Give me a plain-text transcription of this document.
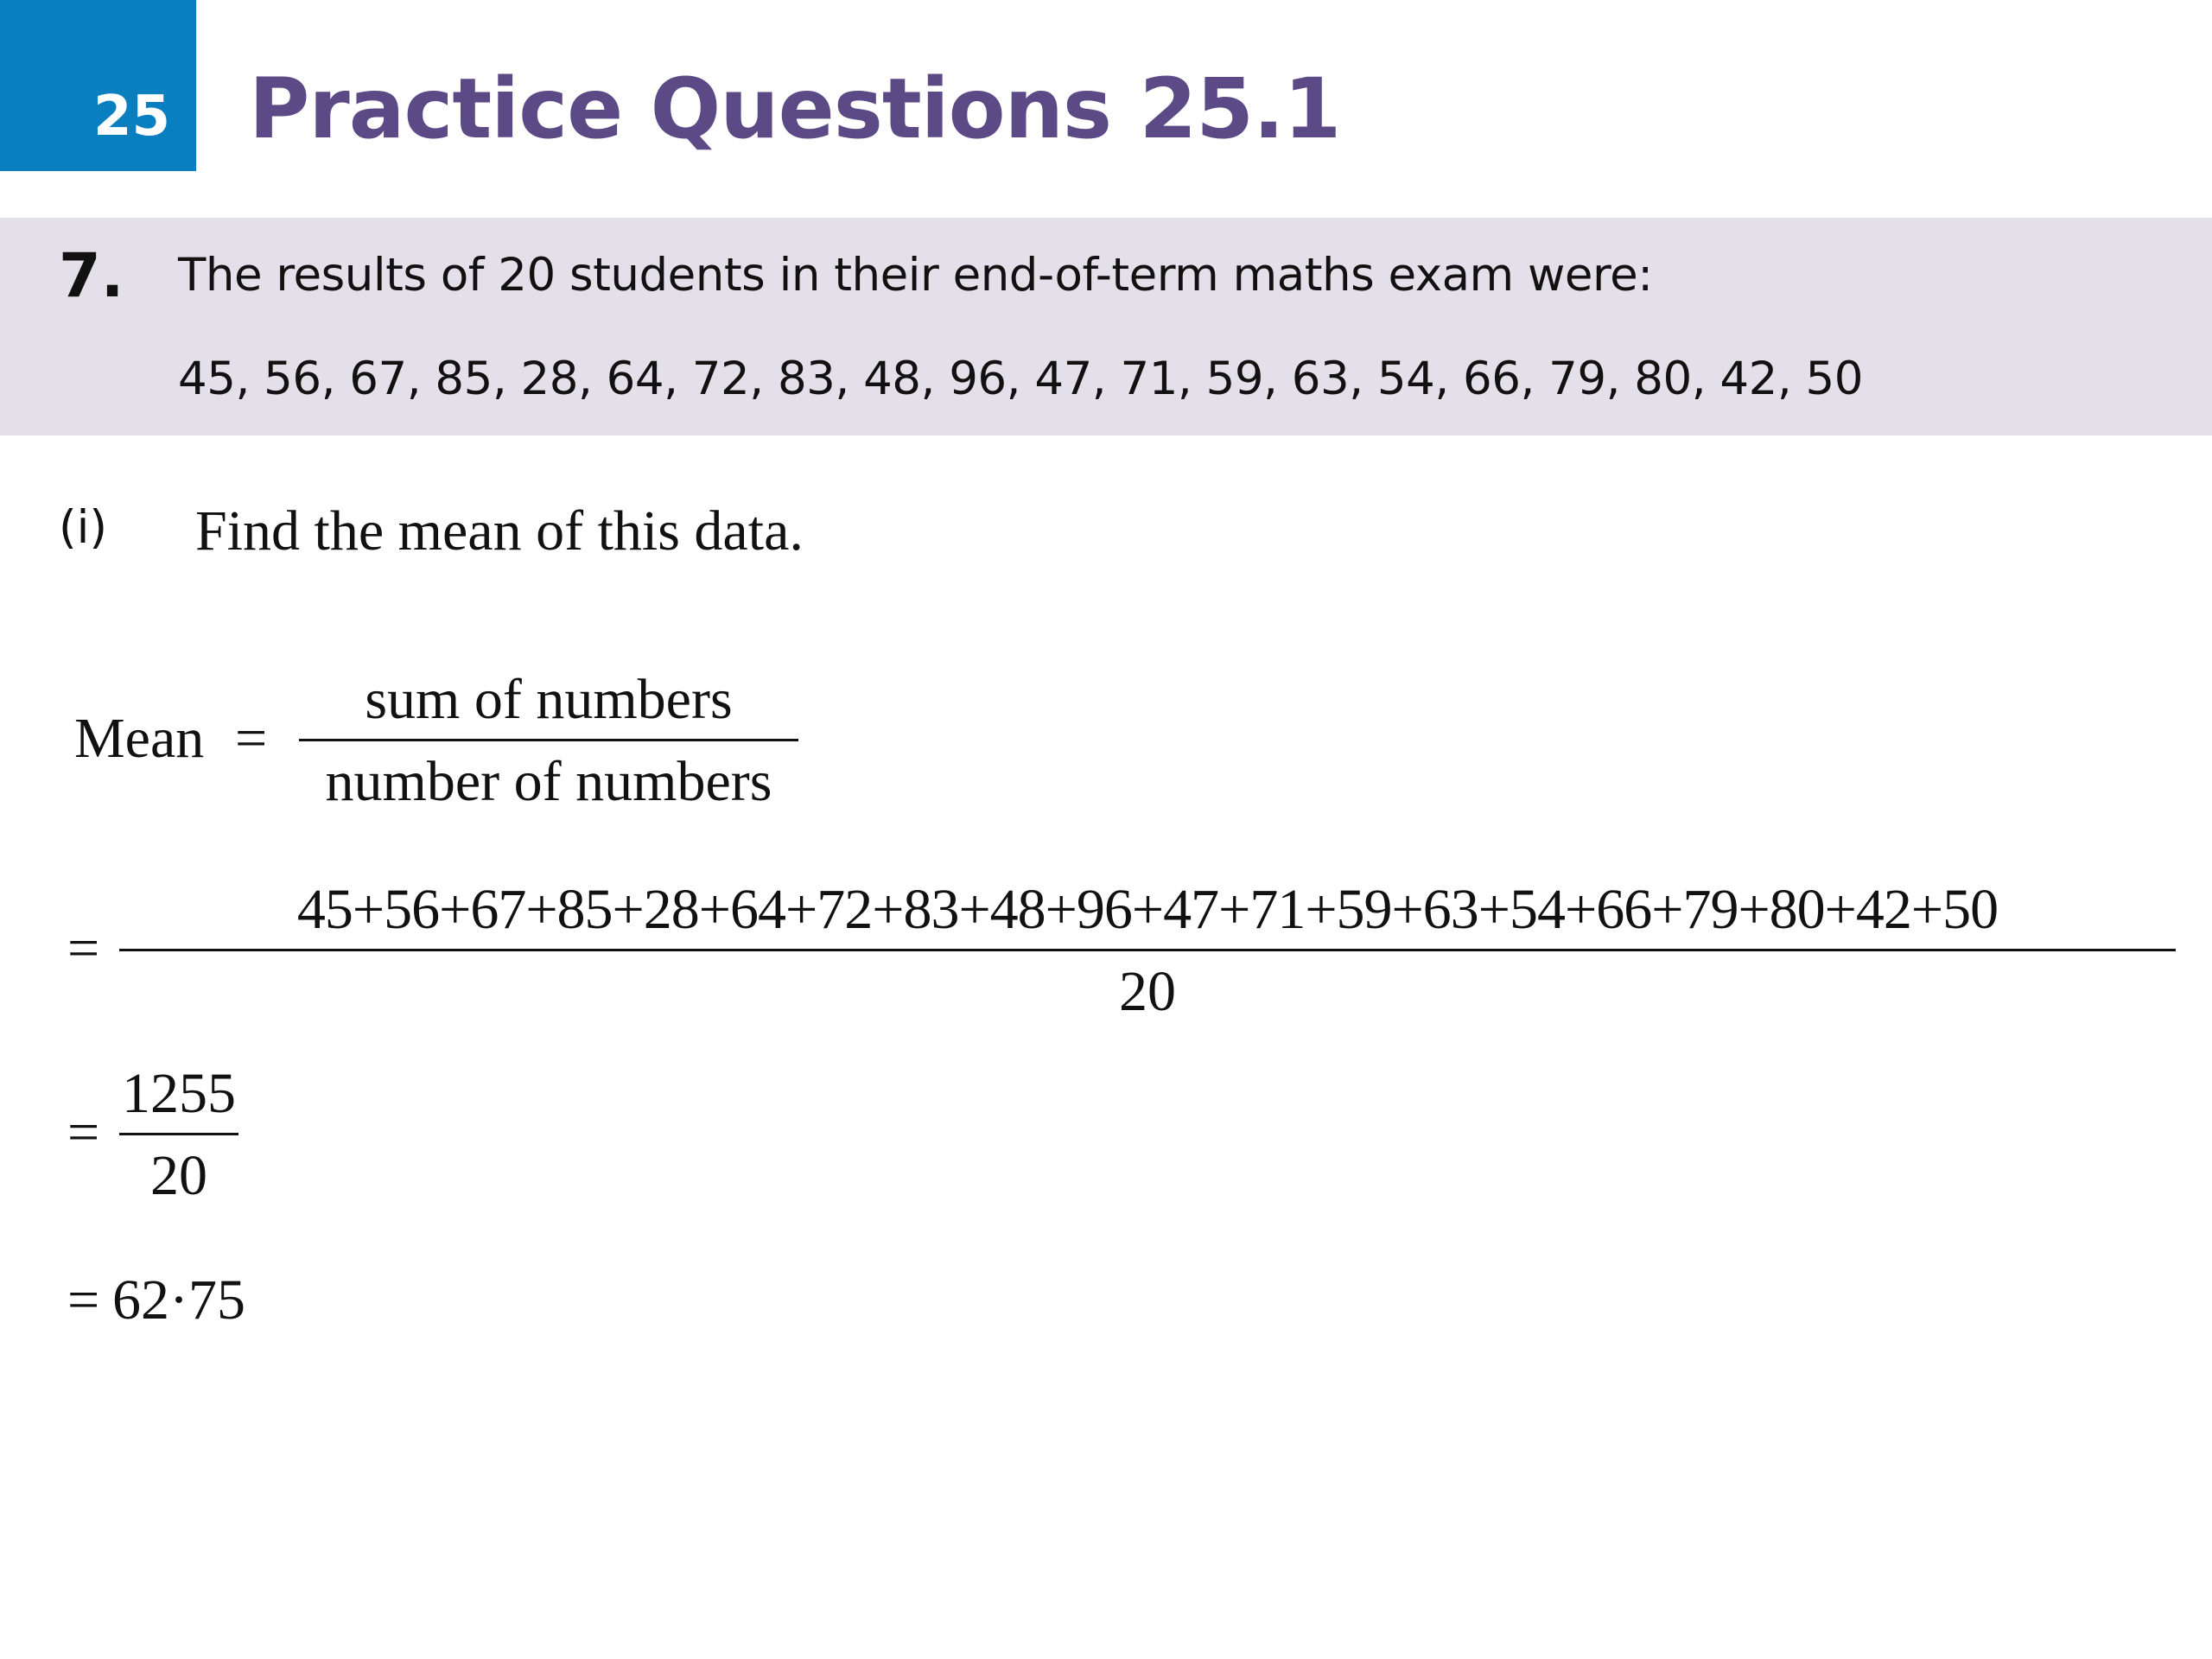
25 Practice Questions 25.1
7. The results of 20 students in their end-of-term maths exam were:
45, 56, 67, 85, 28, 64, 72, 83, 48, 96, 47, 71, 59, 63, 54, 66, 79, 80, 42, 50
(i) Find the mean of this data.
Mean =
sum of numbers
number of numbers
=
45+56+67+85+28+64+72+83+48+96+47+71+59+63+54+66+79+80+42+50
20
=
1255
20
= 62·75
